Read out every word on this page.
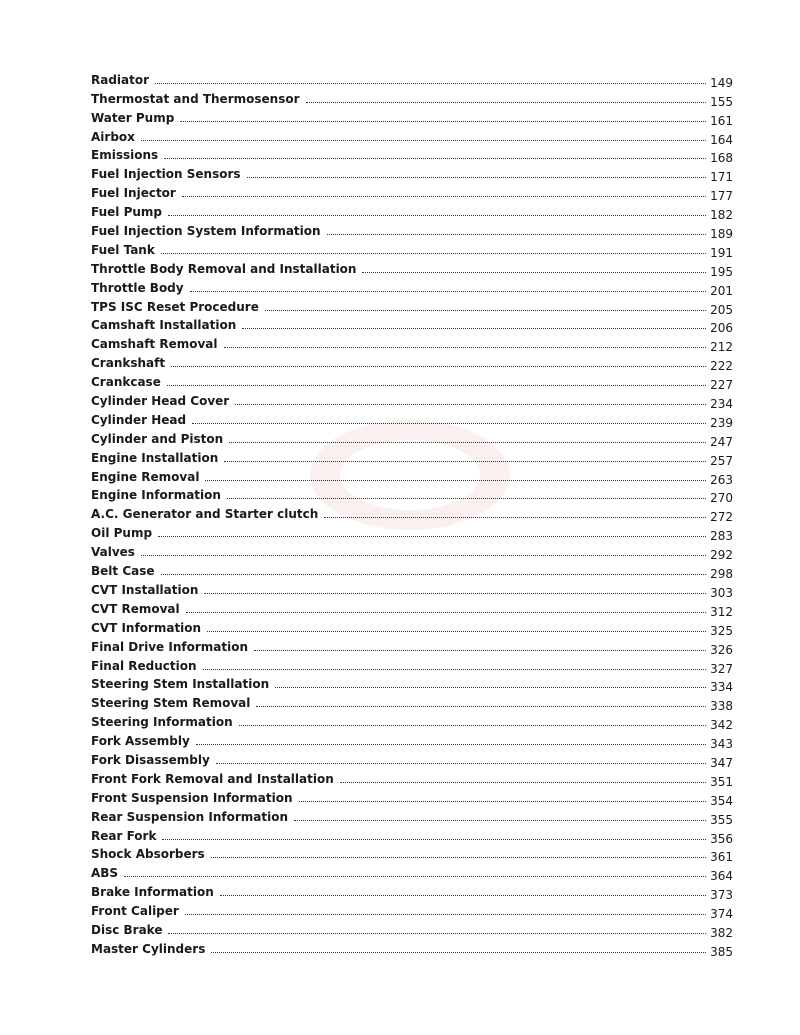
Radiator	149
Thermostat and Thermosensor	155
Water Pump	161
Airbox	164
Emissions	168
Fuel Injection Sensors	171
Fuel Injector	177
Fuel Pump	182
Fuel Injection System Information	189
Fuel Tank	191
Throttle Body Removal and Installation	195
Throttle Body	201
TPS ISC Reset Procedure	205
Camshaft Installation	206
Camshaft Removal	212
Crankshaft	222
Crankcase	227
Cylinder Head Cover	234
Cylinder Head	239
Cylinder and Piston	247
Engine Installation	257
Engine Removal	263
Engine Information	270
A.C. Generator and Starter clutch	272
Oil Pump	283
Valves	292
Belt Case	298
CVT Installation	303
CVT Removal	312
CVT Information	325
Final Drive Information	326
Final Reduction	327
Steering Stem Installation	334
Steering Stem Removal	338
Steering Information	342
Fork Assembly	343
Fork Disassembly	347
Front Fork Removal and Installation	351
Front Suspension Information	354
Rear Suspension Information	355
Rear Fork	356
Shock Absorbers	361
ABS	364
Brake Information	373
Front Caliper	374
Disc Brake	382
Master Cylinders	385
